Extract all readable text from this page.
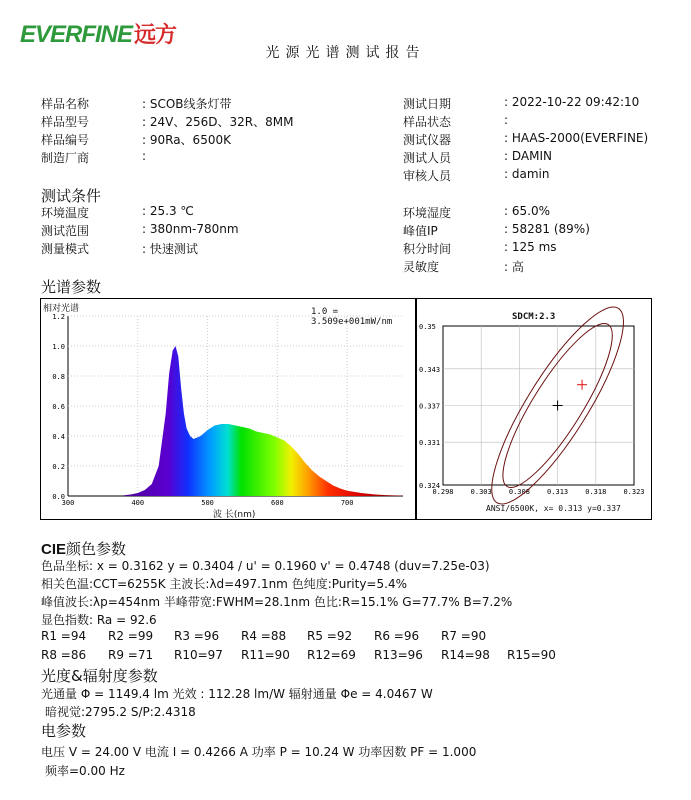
EVERFINE远方
光源光谱测试报告
样品名称	: SCOB线条灯带
样品型号	: 24V、256D、32R、8MM
样品编号	: 90Ra、6500K
制造厂商	:
测试日期	: 2022-10-22 09:42:10
样品状态	:
测试仪器	: HAAS-2000(EVERFINE)
测试人员	: DAMIN
审核人员	: damin
测试条件
环境温度	: 25.3 ℃
测试范围	: 380nm-780nm
测量模式	: 快速测试
环境湿度	: 65.0%
峰值IP	: 58281 (89%)
积分时间	: 125 ms
灵敏度	: 高
光谱参数
0.0
0.2
0.4
0.6
0.8
1.0
1.2
300	400	500	600	700
相对光谱	1.0 = 3.509e+001mW/nm
波 长(nm)
0.324
0.331
0.337
0.343
0.35
0.298 0.303 0.308 0.313 0.318 0.323
SDCM:2.3
ANSI/6500K, x= 0.313 y=0.337
CIE颜色参数
色品坐标: x = 0.3162 y = 0.3404 / u' = 0.1960 v' = 0.4748 (duv=7.25e-03)
相关色温:CCT=6255K 主波长:λd=497.1nm 色纯度:Purity=5.4%
峰值波长:λp=454nm 半峰带宽:FWHM=28.1nm 色比:R=15.1% G=77.7% B=7.2%
显色指数: Ra = 92.6
R1 =94 R2 =99 R3 =96 R4 =88 R5 =92 R6 =96 R7 =90
R8 =86 R9 =71 R10=97 R11=90 R12=69 R13=96 R14=98 R15=90
光度&辐射度参数
光通量 Φ = 1149.4 lm 光效 : 112.28 lm/W 辐射通量 Φe = 4.0467 W
暗视觉:2795.2 S/P:2.4318
电参数
电压 V = 24.00 V 电流 I = 0.4266 A 功率 P = 10.24 W 功率因数 PF = 1.000
频率=0.00 Hz
